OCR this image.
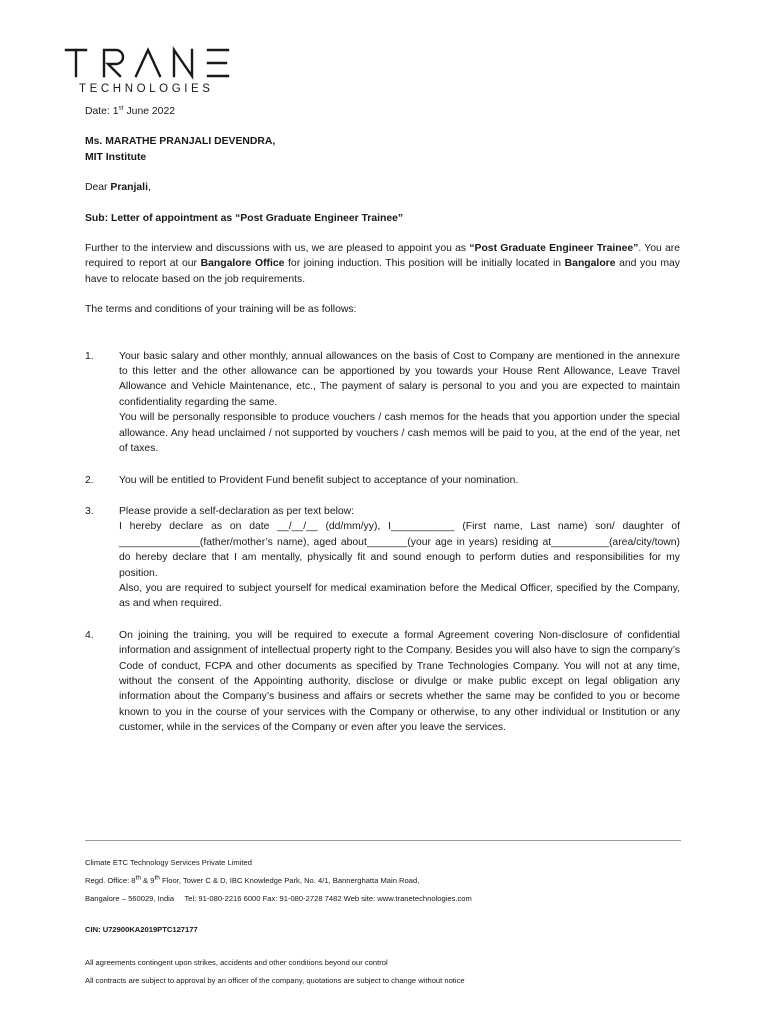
TECHNOLOGIES

Date: 1st June 2022

Ms. MARATHE PRANJALI DEVENDRA,

MIT Institute

Dear Pranjali,

Sub: Letter of appointment as “Post Graduate Engineer Trainee”

Further to the interview and discussions with us, we are pleased to appoint you as “Post Graduate Engineer Trainee”. You are required to report at our Bangalore Office for joining induction. This position will be initially located in Bangalore and you may have to relocate based on the job requirements.

The terms and conditions of your training will be as follows:

1.	Your basic salary and other monthly, annual allowances on the basis of Cost to Company are mentioned in the annexure to this letter and the other allowance can be apportioned by you towards your House Rent Allowance, Leave Travel Allowance and Vehicle Maintenance, etc., The payment of salary is personal to you and you are expected to maintain confidentiality regarding the same.

You will be personally responsible to produce vouchers / cash memos for the heads that you apportion under the special allowance. Any head unclaimed / not supported by vouchers / cash memos will be paid to you, at the end of the year, net of taxes.

2.	You will be entitled to Provident Fund benefit subject to acceptance of your nomination.

3.	Please provide a self-declaration as per text below:

I hereby declare as on date __/__/__ (dd/mm/yy), I___________ (First name, Last name) son/ daughter of ______________(father/mother’s name), aged about_______(your age in years) residing at__________(area/city/town) do hereby declare that I am mentally, physically fit and sound enough to perform duties and responsibilities for my position.

Also, you are required to subject yourself for medical examination before the Medical Officer, specified by the Company, as and when required.

4.	On joining the training, you will be required to execute a formal Agreement covering Non-disclosure of confidential information and assignment of intellectual property right to the Company. Besides you will also have to sign the company’s Code of conduct, FCPA and other documents as specified by Trane Technologies Company. You will not at any time, without the consent of the Appointing authority, disclose or divulge or make public except on legal obligation any information about the Company’s business and affairs or secrets whether the same may be confided to you or become known to you in the course of your services with the Company or otherwise, to any other individual or Institution or any customer, while in the services of the Company or even after you leave the services.

Climate ETC Technology Services Private Limited
Regd. Office: 8th & 9th Floor, Tower C & D, IBC Knowledge Park, No. 4/1, Bannerghatta Main Road,
Bangalore – 560029, India     Tel: 91-080-2216 6000 Fax: 91-080-2728 7482 Web site: www.tranetechnologies.com
CIN: U72900KA2019PTC127177
All agreements contingent upon strikes, accidents and other conditions beyond our control
All contracts are subject to approval by an officer of the company, quotations are subject to change without notice
